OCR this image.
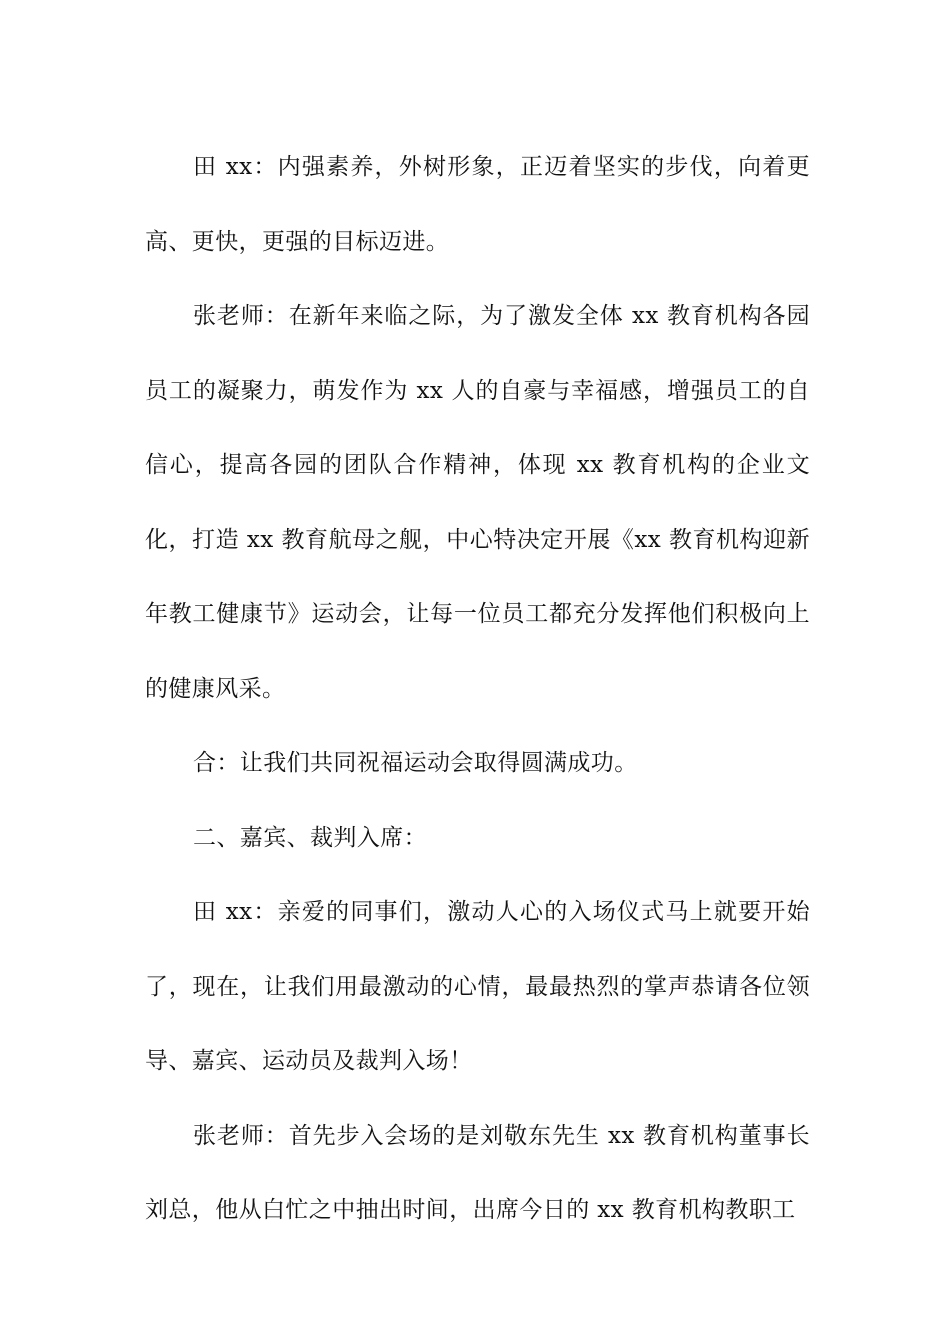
田 xx：内强素养，外树形象，正迈着坚实的步伐，向着更高、更快，更强的目标迈进。

张老师：在新年来临之际，为了激发全体 xx 教育机构各园员工的凝聚力，萌发作为 xx 人的自豪与幸福感，增强员工的自信心，提高各园的团队合作精神，体现 xx 教育机构的企业文化，打造 xx 教育航母之舰，中心特决定开展《xx 教育机构迎新年教工健康节》运动会，让每一位员工都充分发挥他们积极向上的健康风采。

合：让我们共同祝福运动会取得圆满成功。

二、嘉宾、裁判入席：

田 xx：亲爱的同事们，激动人心的入场仪式马上就要开始了，现在，让我们用最激动的心情，最最热烈的掌声恭请各位领导、嘉宾、运动员及裁判入场！

张老师：首先步入会场的是刘敬东先生 xx 教育机构董事长刘总，他从白忙之中抽出时间，出席今日的 xx 教育机构教职工
